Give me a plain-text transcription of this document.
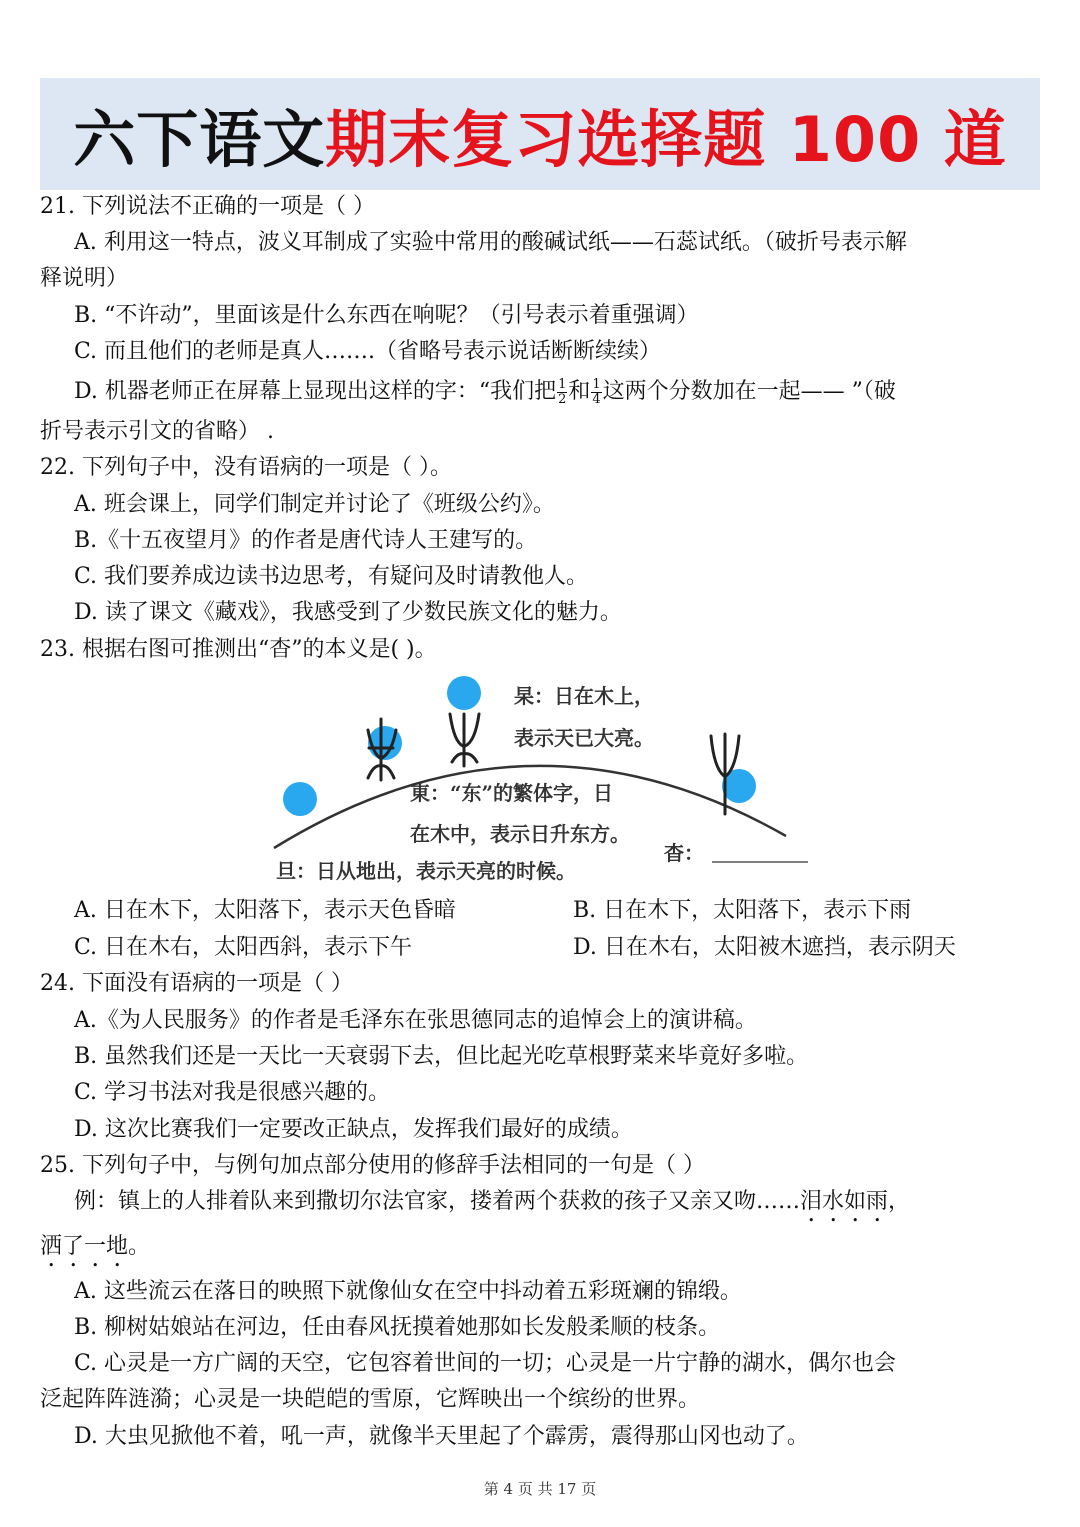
六下语文 期末复习选择题 100 道
21. 下列说法不正确的一项是（ ）
A. 利用这一特点，波义耳制成了实验中常用的酸碱试纸——石蕊试纸。（破折号表示解
释说明）
B. “不许动”，里面该是什么东西在响呢？（引号表示着重强调）
C. 而且他们的老师是真人…….（省略号表示说话断断续续）
D. 机器老师正在屏幕上显现出这样的字：“我们把 $\frac{1}{2}$ 和 $\frac{1}{4}$ 这两个分数加在一起—— ”（破
折号表示引文的省略） .
22. 下列句子中，没有语病的一项是（ ）。
A. 班会课上，同学们制定并讨论了《班级公约》。
B.《十五夜望月》的作者是唐代诗人王建写的。
C. 我们要养成边读书边思考，有疑问及时请教他人。
D. 读了课文《藏戏》，我感受到了少数民族文化的魅力。
23. 根据右图可推测出“杳”的本义是( )。
杲：日在木上，
表示天已大亮。
東：“东”的繁体字，日
在木中，表示日升东方。
杳：
旦：日从地出，表示天亮的时候。
A. 日在木下，太阳落下，表示天色昏暗	B. 日在木下，太阳落下，表示下雨
C. 日在木右，太阳西斜，表示下午	D. 日在木右，太阳被木遮挡，表示阴天
24. 下面没有语病的一项是（ ）
A.《为人民服务》的作者是毛泽东在张思德同志的追悼会上的演讲稿。
B. 虽然我们还是一天比一天衰弱下去，但比起光吃草根野菜来毕竟好多啦。
C. 学习书法对我是很感兴趣的。
D. 这次比赛我们一定要改正缺点，发挥我们最好的成绩。
25. 下列句子中，与例句加点部分使用的修辞手法相同的一句是（ ）
例：镇上的人排着队来到撒切尔法官家，搂着两个获救的孩子又亲又吻……泪水如雨，
洒了一地。
A. 这些流云在落日的映照下就像仙女在空中抖动着五彩斑斓的锦缎。
B. 柳树姑娘站在河边，任由春风抚摸着她那如长发般柔顺的枝条。
C. 心灵是一方广阔的天空，它包容着世间的一切；心灵是一片宁静的湖水，偶尔也会
泛起阵阵涟漪；心灵是一块皑皑的雪原，它辉映出一个缤纷的世界。
D. 大虫见掀他不着，吼一声，就像半天里起了个霹雳，震得那山冈也动了。
第 4 页 共 17 页
